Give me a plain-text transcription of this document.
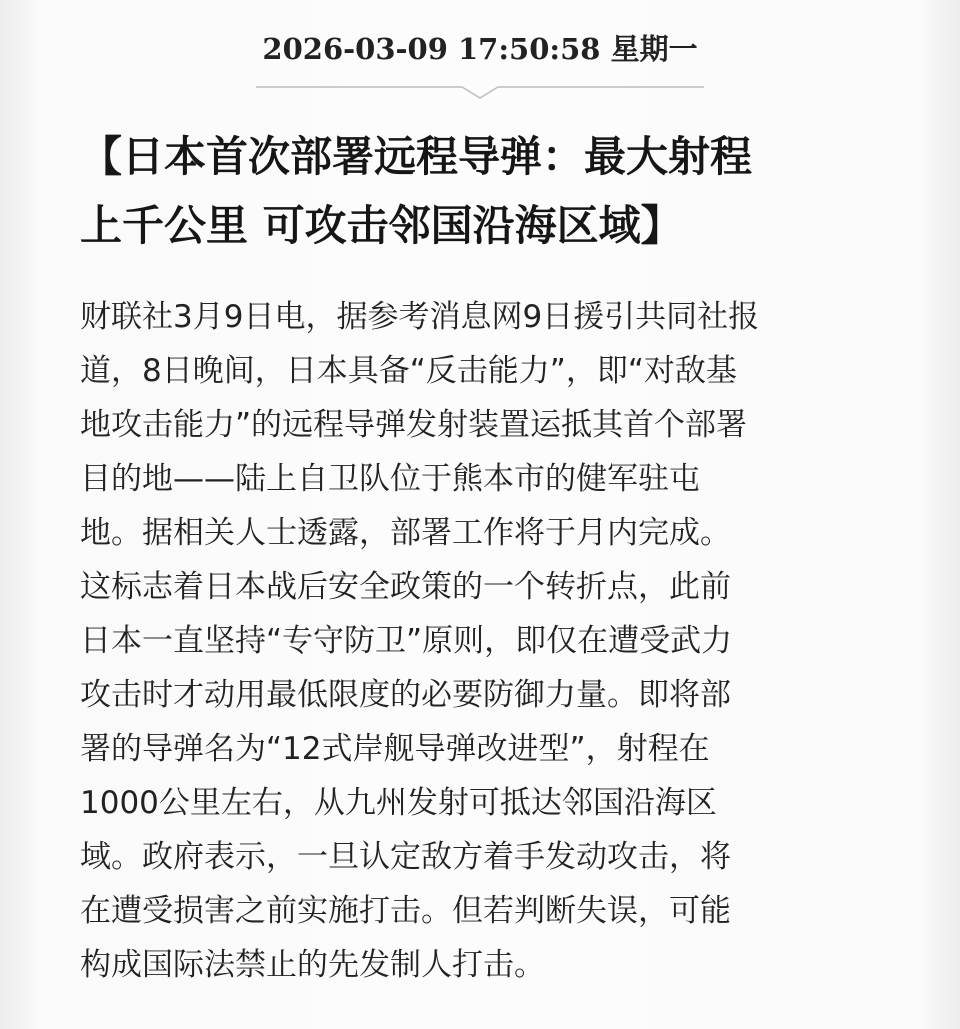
2026-03-09 17:50:58 星期一
【日本首次部署远程导弹：最大射程
上千公里 可攻击邻国沿海区域】
财联社3月9日电，据参考消息网9日援引共同社报
道，8日晚间，日本具备“反击能力”，即“对敌基
地攻击能力”的远程导弹发射装置运抵其首个部署
目的地——陆上自卫队位于熊本市的健军驻屯
地。据相关人士透露，部署工作将于月内完成。
这标志着日本战后安全政策的一个转折点，此前
日本一直坚持“专守防卫”原则，即仅在遭受武力
攻击时才动用最低限度的必要防御力量。即将部
署的导弹名为“12式岸舰导弹改进型”，射程在
1000公里左右，从九州发射可抵达邻国沿海区
域。政府表示，一旦认定敌方着手发动攻击，将
在遭受损害之前实施打击。但若判断失误，可能
构成国际法禁止的先发制人打击。
